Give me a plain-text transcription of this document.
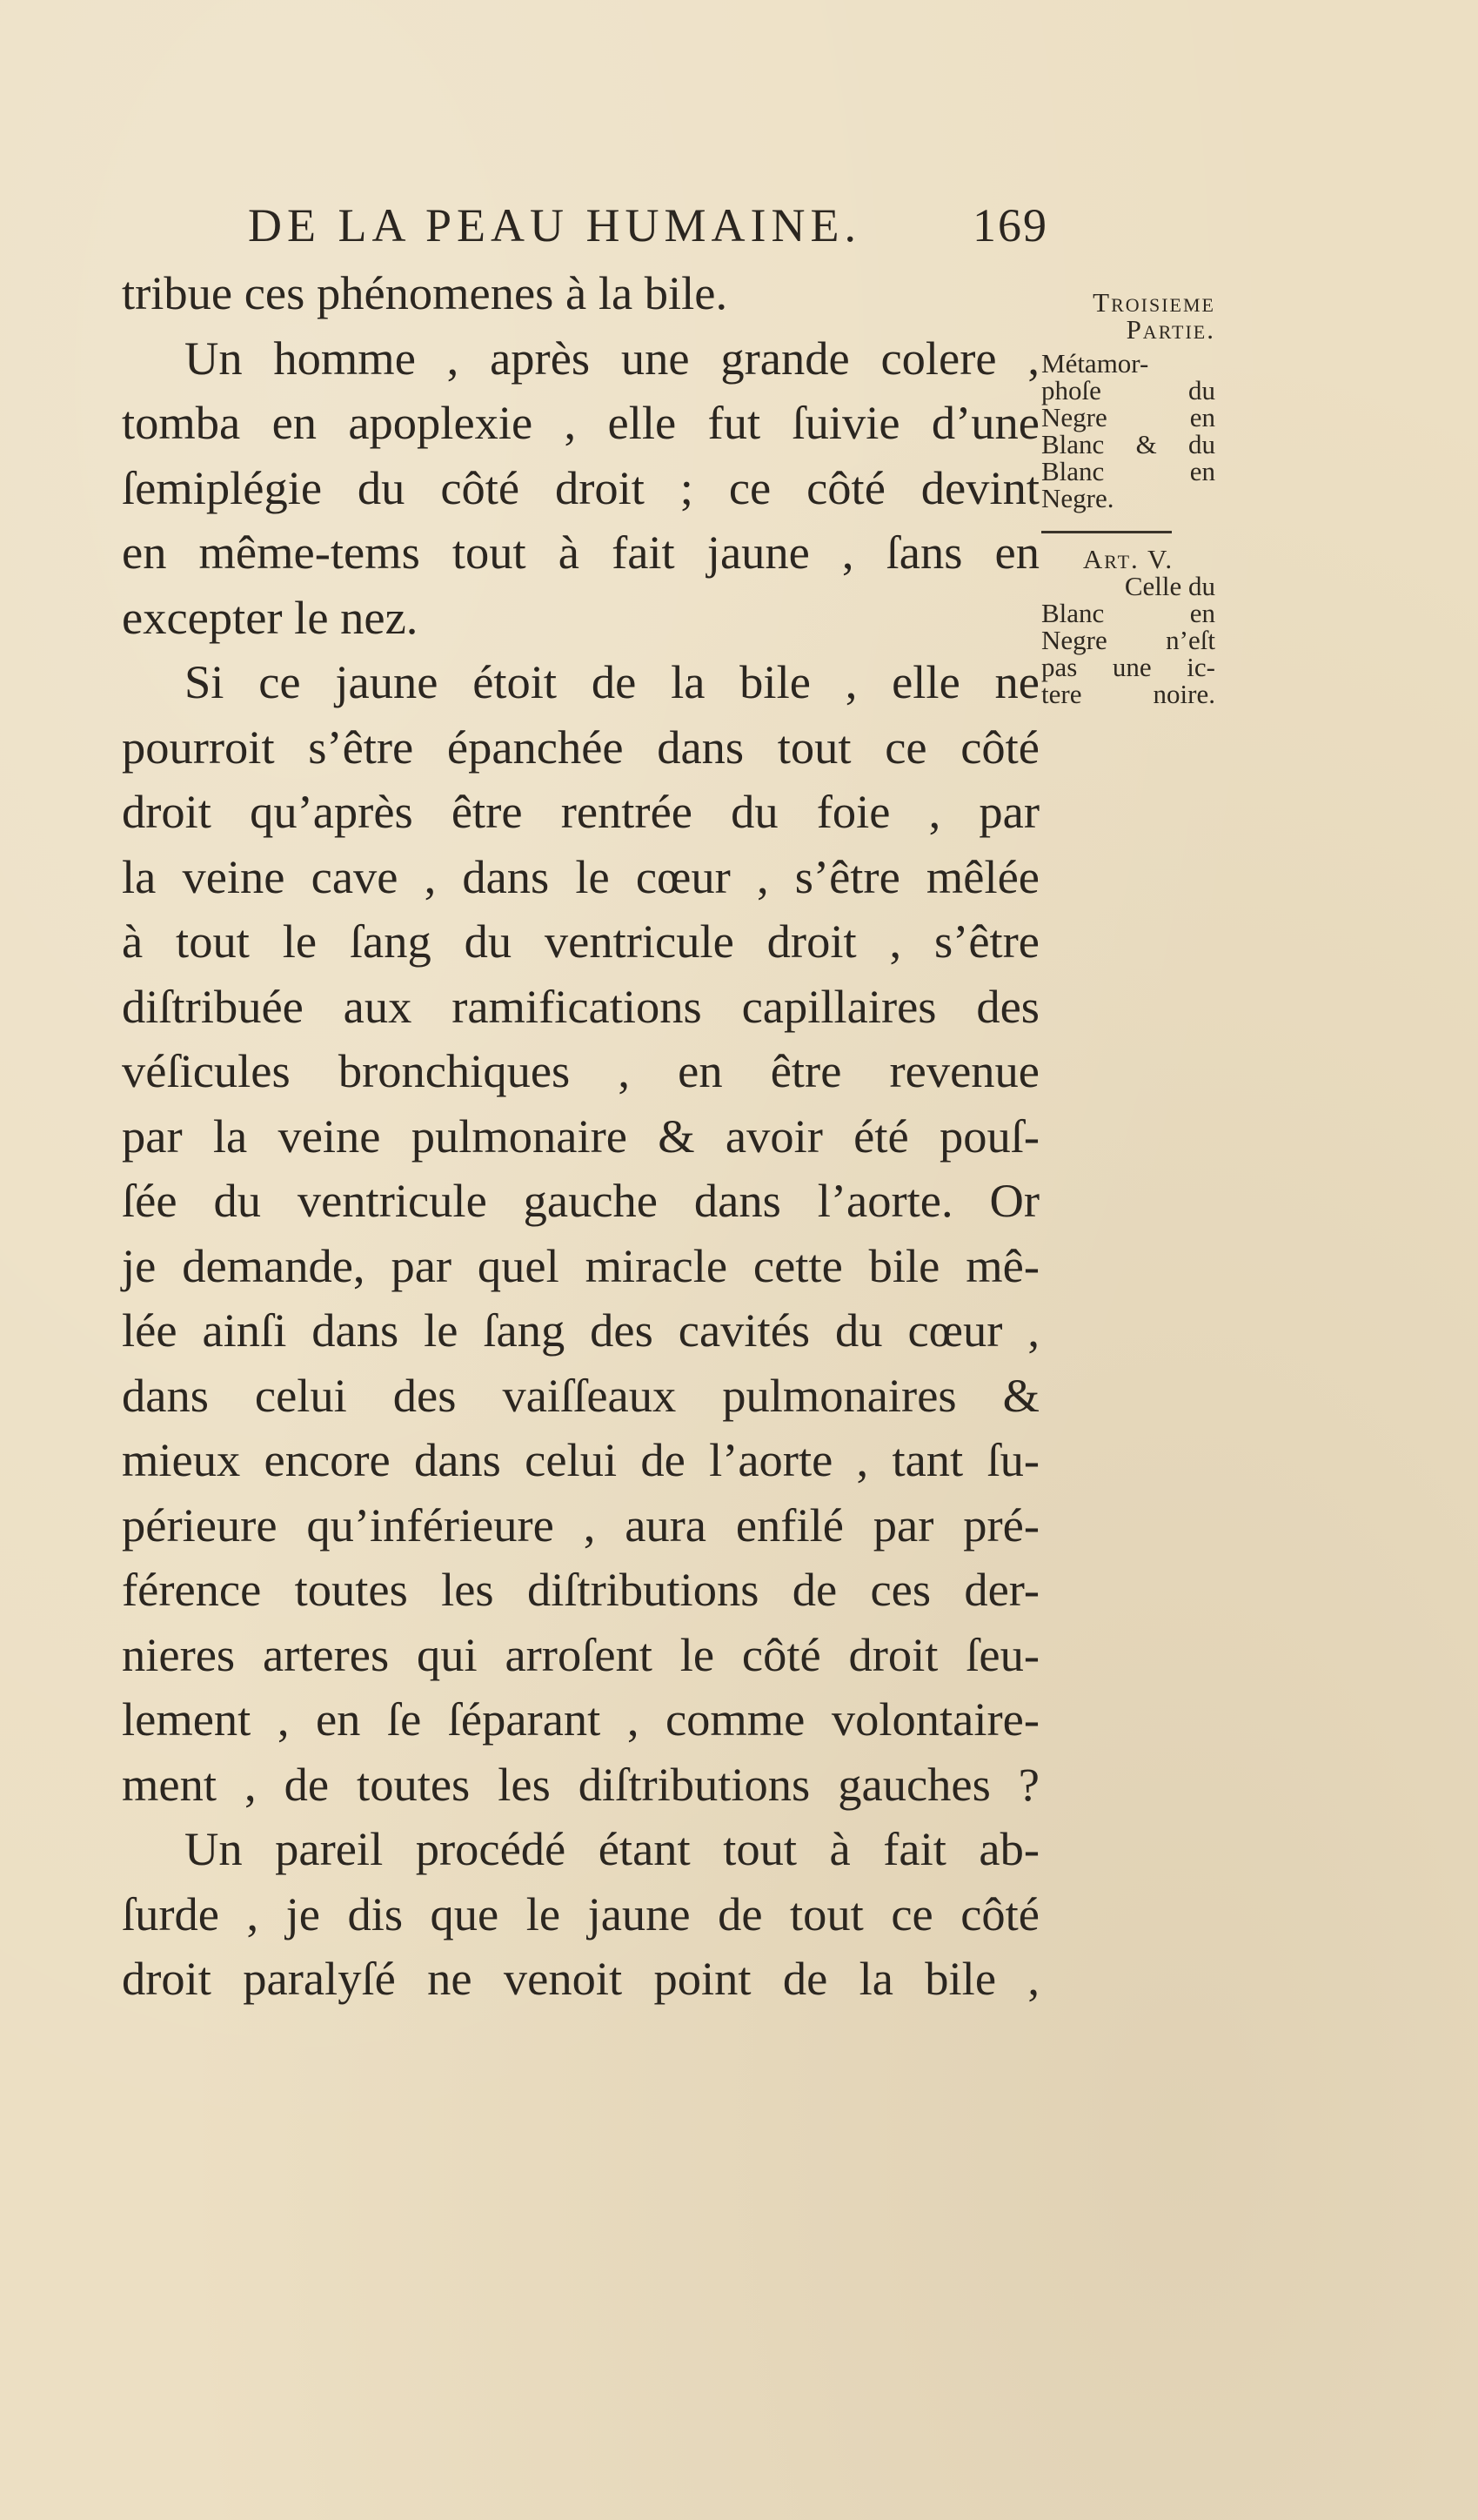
DE LA PEAU HUMAINE. 169
tribue ces phénomenes à la bile.
Un homme , après une grande colere ,
tomba en apoplexie , elle fut ſuivie d’une
ſemiplégie du côté droit ; ce côté devint
en même-tems tout à fait jaune , ſans en
excepter le nez.
Si ce jaune étoit de la bile , elle ne
pourroit s’être épanchée dans tout ce côté
droit qu’après être rentrée du foie , par
la veine cave , dans le cœur , s’être mêlée
à tout le ſang du ventricule droit , s’être
diſtribuée aux ramifications capillaires des
véſicules bronchiques , en être revenue
par la veine pulmonaire & avoir été pouſ-
ſée du ventricule gauche dans l’aorte. Or
je demande, par quel miracle cette bile mê-
lée ainſi dans le ſang des cavités du cœur ,
dans celui des vaiſſeaux pulmonaires &
mieux encore dans celui de l’aorte , tant ſu-
périeure qu’inférieure , aura enfilé par pré-
férence toutes les diſtributions de ces der-
nieres arteres qui arroſent le côté droit ſeu-
lement , en ſe ſéparant , comme volontaire-
ment , de toutes les diſtributions gauches ?
Un pareil procédé étant tout à fait ab-
ſurde , je dis que le jaune de tout ce côté
droit paralyſé ne venoit point de la bile ,
Troisieme
Partie.
Métamor-
phoſe du
Negre en
Blanc & du
Blanc en
Negre.
Art. V.
Celle du
Blanc en
Negre n’eſt
pas une ic-
tere noire.
